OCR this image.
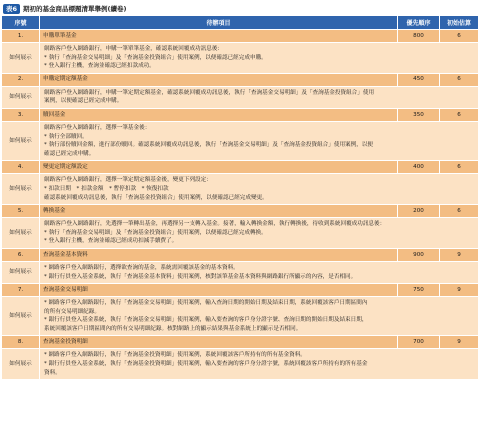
表6 期初的基金商品標題清單舉例(續卷)
序號	待辦項目	優先順序	初始估算
1.	申購單筆基金	800	6
如何展示	網路客戶登入網路銀行，申購一筆單筆基金，確認系統回覆成功訊息後：
* 執行「查詢基金交易明細」及「查詢基金投資組合」使用案例，以便確認已經完成申購。
* 登入銀行主機，查詢並確認已經扣款成功。		

2.	申購定期定額基金	450	6
如何展示	網路客戶登入網路銀行，申購一筆定期定額基金，確認系統回覆成功訊息後，執行「查詢基金交易明細」及「查詢基金投資組合」使用
案例，以便確認已經完成申購。		

3.	贖回基金	350	6
如何展示	網路客戶登入網路銀行，選擇一筆基金後：
* 執行全部贖回。
* 執行部份贖回金額，進行部份贖回。確認系統回覆成功訊息後，執行「查詢基金交易明細」及「查詢基金投資組合」使用案例，以便
確認已經完成申購。		

4.	變更定期定額設定	400	6
如何展示	網路客戶登入網路銀行，選擇一筆定期定額基金後，變更下列設定：
* 扣款日期　* 扣款金額　* 暫停扣款　* 恢復扣款
確認系統回覆成功訊息後，執行「查詢基金投資組合」使用案例，以便確認已經完成變更。		

5.	轉換基金	200	6
如何展示	網路客戶登入網路銀行，先選擇一筆轉出基金，再選擇另一支轉入基金。接著，輸入轉換金額，執行轉換後，待收到系統回覆成功訊息後：
* 執行「查詢基金交易明細」及「查詢基金投資組合」使用案例，以便確認已經完成轉換。
* 登入銀行主機，查詢並確認已經成功扣減手續費了。		

6.	查詢基金基本資料	900	9
如何展示	* 網路客戶登入網路銀行，選擇欲查詢的基金，系統需回覆該基金的基本資料。
* 銀行行員登入基金系統，執行「查詢基金基本資料」使用案例，核對該筆基金基本資料與網路銀行所顯示的內容，是否相同。		

7.	查詢基金交易明細	750	9
如何展示	* 網路客戶登入網路銀行，執行「查詢基金交易明細」使用案例，輸入查詢日期的開始日期及結束日期，系統回覆該客戶日期區間內
的所有交易明細紀錄。
* 銀行行員登入基金系統，執行「查詢基金交易明細」使用案例，輸入要查詢的客戶身分證字號、查詢日期的開始日期及結束日期，
系統回覆該客戶日期區間內的所有交易明細紀錄。核對網路上的顯示結果與基金系統上的顯示是否相同。		

8.	查詢基金投資明細	700	9
如何展示	* 網路客戶登入網路銀行，執行「查詢基金投資明細」使用案例，系統回覆該客戶所持有的所有基金資料。
* 銀行行員登入基金系統，執行「查詢基金投資明細」使用案例，輸入要查詢的客戶身分證字號，系統回覆該客戶所持有的所有基金
資料。		
